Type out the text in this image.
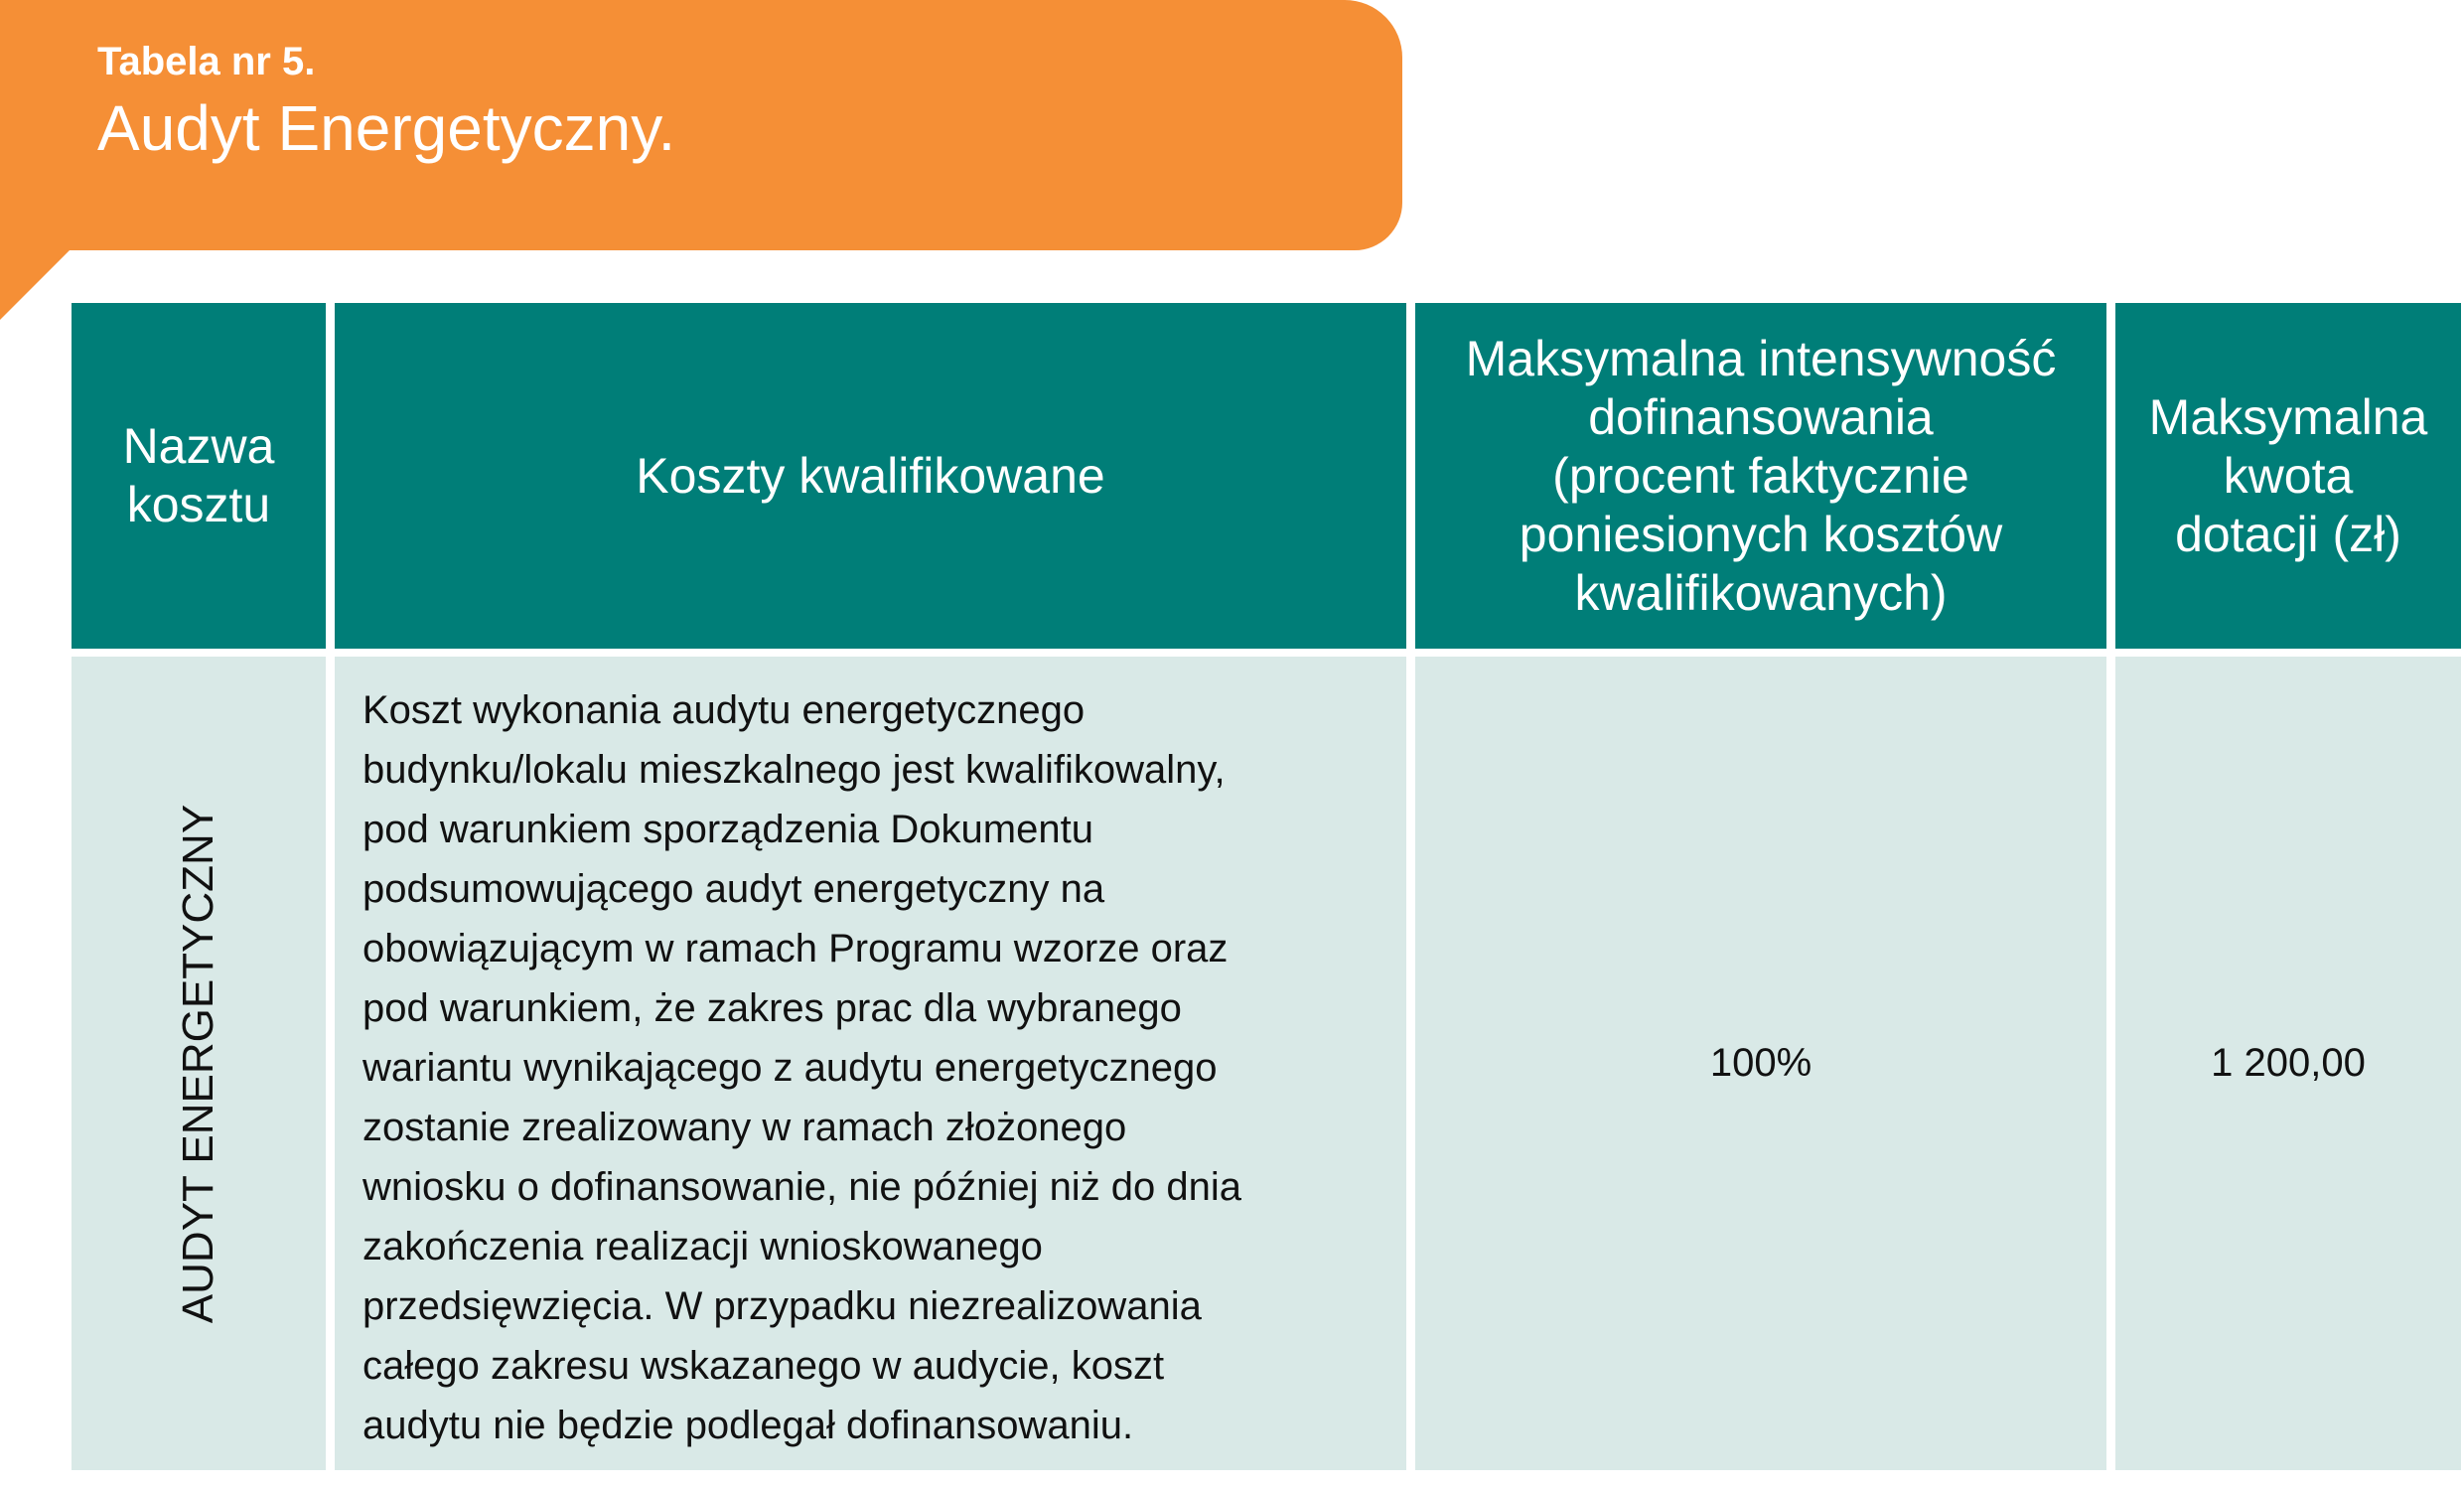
Tabela nr 5.
Audyt Energetyczny.
Nazwa
kosztu
Koszty kwalifikowane
Maksymalna intensywność
dofinansowania
(procent faktycznie
poniesionych kosztów
kwalifikowanych)
Maksymalna
kwota
dotacji (zł)
AUDYT ENERGETYCZNY
Koszt wykonania audytu energetycznego
budynku/lokalu mieszkalnego jest kwalifikowalny,
pod warunkiem sporządzenia Dokumentu
podsumowującego audyt energetyczny na
obowiązującym w ramach Programu wzorze oraz
pod warunkiem, że zakres prac dla wybranego
wariantu wynikającego z audytu energetycznego
zostanie zrealizowany w ramach złożonego
wniosku o dofinansowanie, nie później niż do dnia
zakończenia realizacji wnioskowanego
przedsięwzięcia. W przypadku niezrealizowania
całego zakresu wskazanego w audycie, koszt
audytu nie będzie podlegał dofinansowaniu.
100%	1 200,00
